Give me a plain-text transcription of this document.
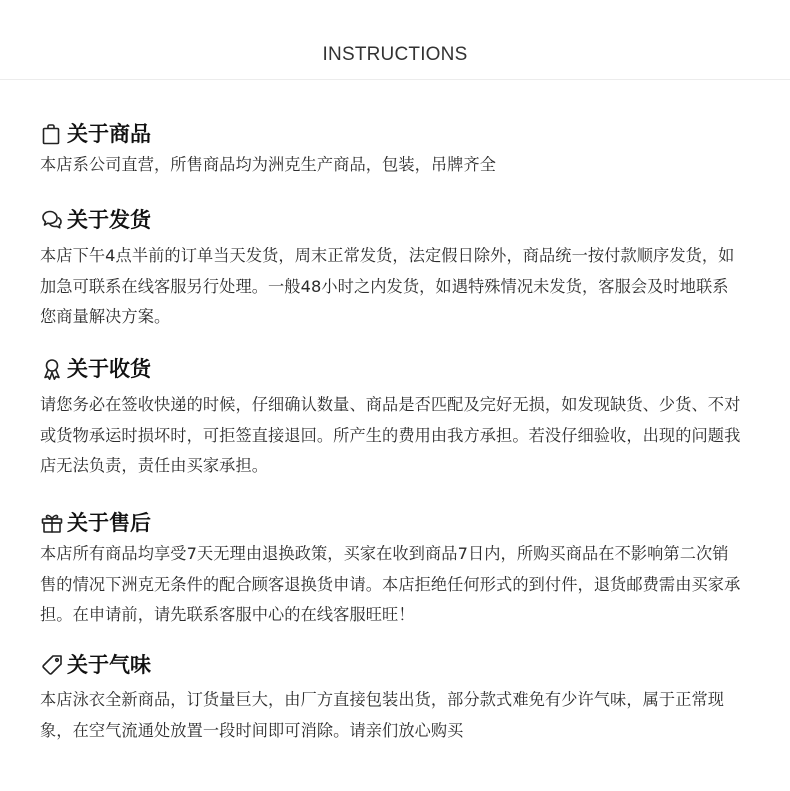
INSTRUCTIONS
关于商品

本店系公司直营，所售商品均为洲克生产商品，包装，吊牌齐全

关于发货

本店下午4点半前的订单当天发货，周末正常发货，法定假日除外，商品统一按付款顺序发货，如加急可联系在线客服另行处理。一般48小时之内发货，如遇特殊情况未发货，客服会及时地联系您商量解决方案。

关于收货

请您务必在签收快递的时候，仔细确认数量、商品是否匹配及完好无损，如发现缺货、少货、不对或货物承运时损坏时，可拒签直接退回。所产生的费用由我方承担。若没仔细验收，出现的问题我店无法负责，责任由买家承担。

关于售后

本店所有商品均享受7天无理由退换政策，买家在收到商品7日内，所购买商品在不影响第二次销售的情况下洲克无条件的配合顾客退换货申请。本店拒绝任何形式的到付件，退货邮费需由买家承担。在申请前，请先联系客服中心的在线客服旺旺！

关于气味

本店泳衣全新商品，订货量巨大，由厂方直接包装出货，部分款式难免有少许气味，属于正常现象，在空气流通处放置一段时间即可消除。请亲们放心购买
